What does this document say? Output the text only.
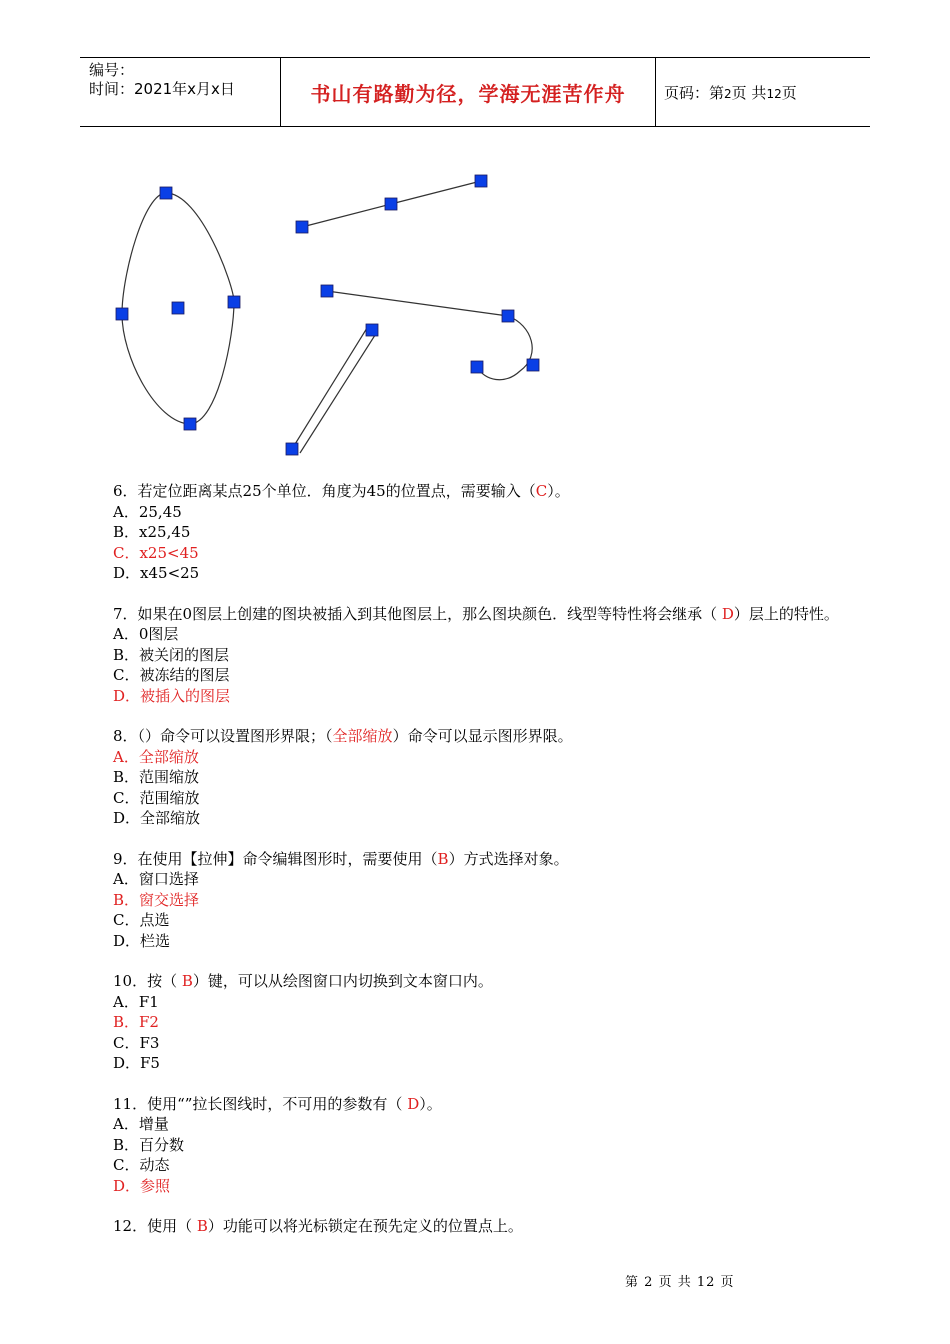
编号：
时间：2021年x月x日	书山有路勤为径，学海无涯苦作舟	页码：第2页 共12页
6．若定位距离某点25个单位．角度为45的位置点，需要输入（C）。
A．25,45
B．x25,45
C．x25<45
D．x45<25
7．如果在0图层上创建的图块被插入到其他图层上，那么图块颜色．线型等特性将会继承（ D）层上的特性。
A．0图层
B．被关闭的图层
C．被冻结的图层
D．被插入的图层
8．（）命令可以设置图形界限；（全部缩放）命令可以显示图形界限。
A．全部缩放
B．范围缩放
C．范围缩放
D．全部缩放
9．在使用【拉伸】命令编辑图形时，需要使用（B）方式选择对象。
A．窗口选择
B．窗交选择
C．点选
D．栏选
10．按（ B）键，可以从绘图窗口内切换到文本窗口内。
A．F1
B．F2
C．F3
D．F5
11．使用“”拉长图线时，不可用的参数有（ D）。
A．增量
B．百分数
C．动态
D．参照
12．使用（ B）功能可以将光标锁定在预先定义的位置点上。
第 2 页 共 12 页
